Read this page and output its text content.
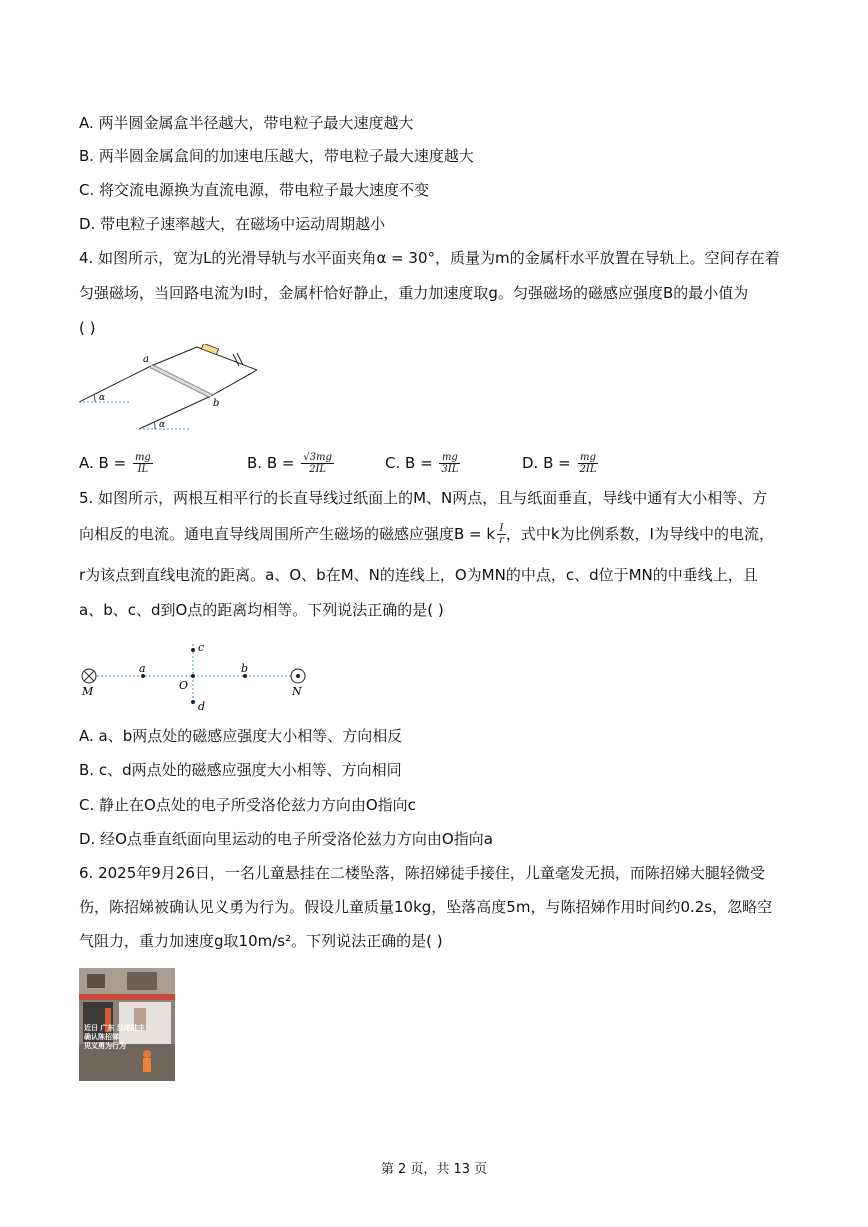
A. 两半圆金属盒半径越大，带电粒子最大速度越大
B. 两半圆金属盒间的加速电压越大，带电粒子最大速度越大
C. 将交流电源换为直流电源，带电粒子最大速度不变
D. 带电粒子速率越大，在磁场中运动周期越小
4. 如图所示，宽为L的光滑导轨与水平面夹角α = 30°，质量为m的金属杆水平放置在导轨上。空间存在着
匀强磁场，当回路电流为I时，金属杆恰好静止，重力加速度取g。匀强磁场的磁感应强度B的最小值为
( )
a
b
α
α
A. $B = \frac{mg}{IL}$	B. $B = \frac{√3mg}{2IL}$	C. $B = \frac{mg}{3IL}$	D. $B = \frac{mg}{2IL}$
5. 如图所示，两根互相平行的长直导线过纸面上的M、N两点，且与纸面垂直，导线中通有大小相等、方
向相反的电流。通电直导线周围所产生磁场的磁感应强度B = k $\frac{I}{r}$ ，式中k为比例系数，I为导线中的电流，
r为该点到直线电流的距离。a、O、b在M、N的连线上，O为MN的中点，c、d位于MN的中垂线上，且
a、b、c、d到O点的距离均相等。下列说法正确的是( )
M	N
O
a	b
c
d
A. a、b两点处的磁感应强度大小相等、方向相反
B. c、d两点处的磁感应强度大小相等、方向相同
C. 静止在O点处的电子所受洛伦兹力方向由O指向c
D. 经O点垂直纸面向里运动的电子所受洛伦兹力方向由O指向a
6. 2025年9月26日，一名儿童悬挂在二楼坠落，陈招娣徒手接住，儿童毫发无损，而陈招娣大腿轻微受
伤，陈招娣被确认见义勇为行为。假设儿童质量10kg，坠落高度5m，与陈招娣作用时间约0.2s，忽略空
气阻力，重力加速度g取10m/s²。下列说法正确的是( )
近日 广东 汕尾陆丰
确认陈招娣
见义勇为行为
第 2 页，共 13 页
